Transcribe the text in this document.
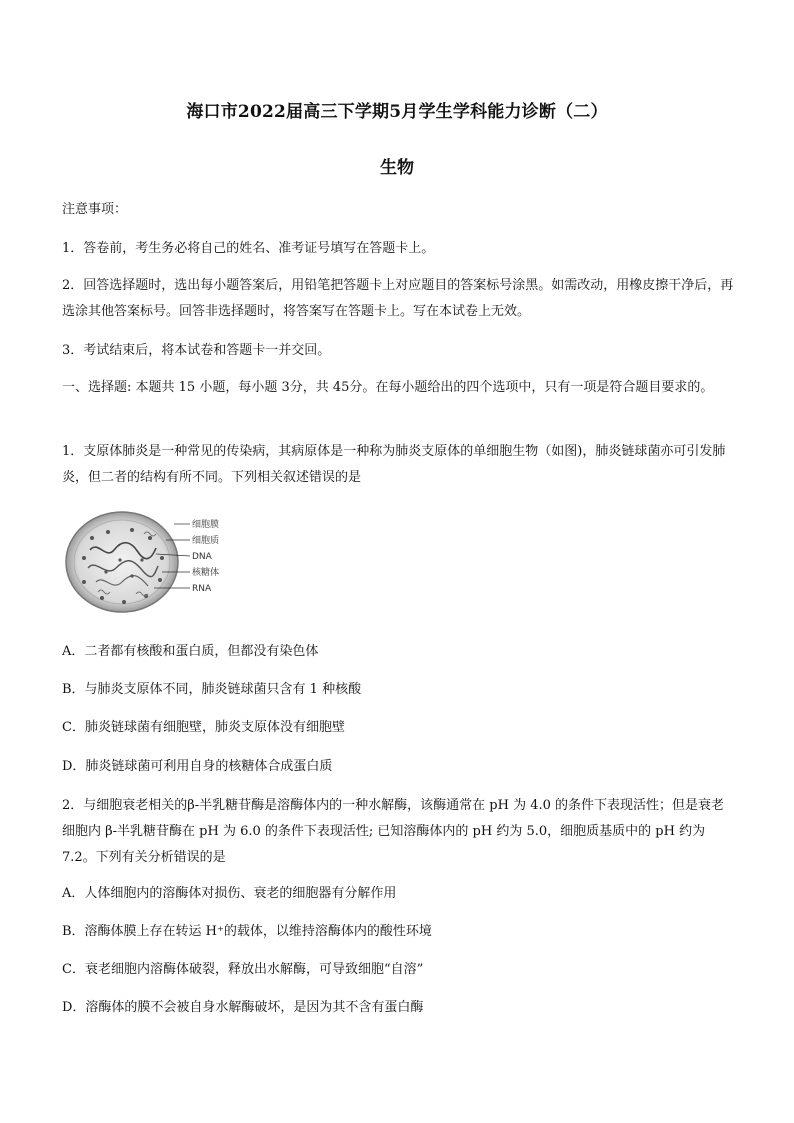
海口市2022届高三下学期5月学生学科能力诊断（二）
生物
注意事项：
1．答卷前，考生务必将自己的姓名、准考证号填写在答题卡上。
2．回答选择题时，选出每小题答案后，用铅笔把答题卡上对应题目的答案标号涂黑。如需改动，用橡皮擦干净后，再选涂其他答案标号。回答非选择题时，将答案写在答题卡上。写在本试卷上无效。
3．考试结束后，将本试卷和答题卡一并交回。
一、选择题: 本题共 15 小题，每小题 3分，共 45分。在每小题给出的四个选项中，只有一项是符合题目要求的。
1．支原体肺炎是一种常见的传染病，其病原体是一种称为肺炎支原体的单细胞生物（如图)，肺炎链球菌亦可引发肺炎，但二者的结构有所不同。下列相关叙述错误的是
细胞膜
细胞质
DNA
核糖体
RNA
A．二者都有核酸和蛋白质，但都没有染色体
B．与肺炎支原体不同，肺炎链球菌只含有 1 种核酸
C．肺炎链球菌有细胞壁，肺炎支原体没有细胞壁
D．肺炎链球菌可利用自身的核糖体合成蛋白质
2．与细胞衰老相关的β-半乳糖苷酶是溶酶体内的一种水解酶，该酶通常在 pH 为 4.0 的条件下表现活性；但是衰老细胞内 β-半乳糖苷酶在 pH 为 6.0 的条件下表现活性; 已知溶酶体内的 pH 约为 5.0，细胞质基质中的 pH 约为 7.2。下列有关分析错误的是
A．人体细胞内的溶酶体对损伤、衰老的细胞器有分解作用
B．溶酶体膜上存在转运 H⁺的载体，以维持溶酶体内的酸性环境
C．衰老细胞内溶酶体破裂，释放出水解酶，可导致细胞“自溶”
D．溶酶体的膜不会被自身水解酶破坏，是因为其不含有蛋白酶
